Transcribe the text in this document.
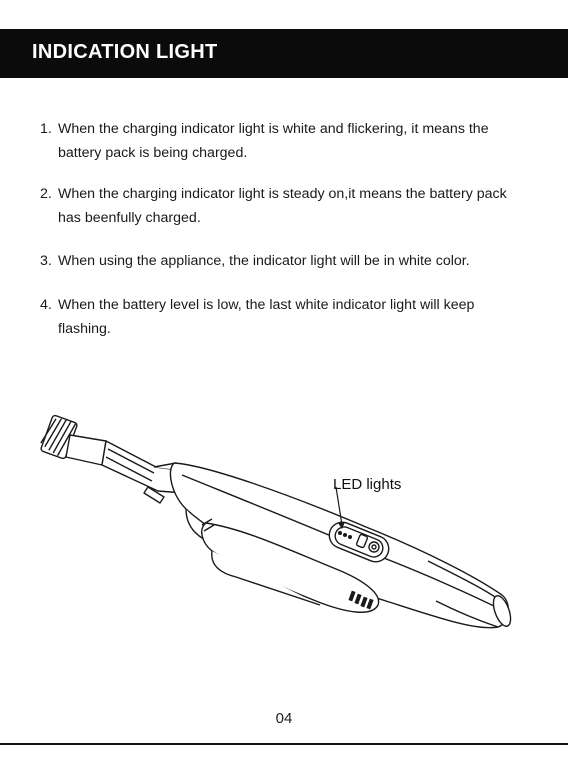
INDICATION LIGHT
1. When the charging indicator light is white and flickering, it means the battery pack is being charged.
2. When the charging indicator light is steady on,it means the battery pack has beenfully charged.
3. When using the appliance, the indicator light will be in white color.
4. When the battery level is low, the last white indicator light will keep flashing.
LED lights
04
